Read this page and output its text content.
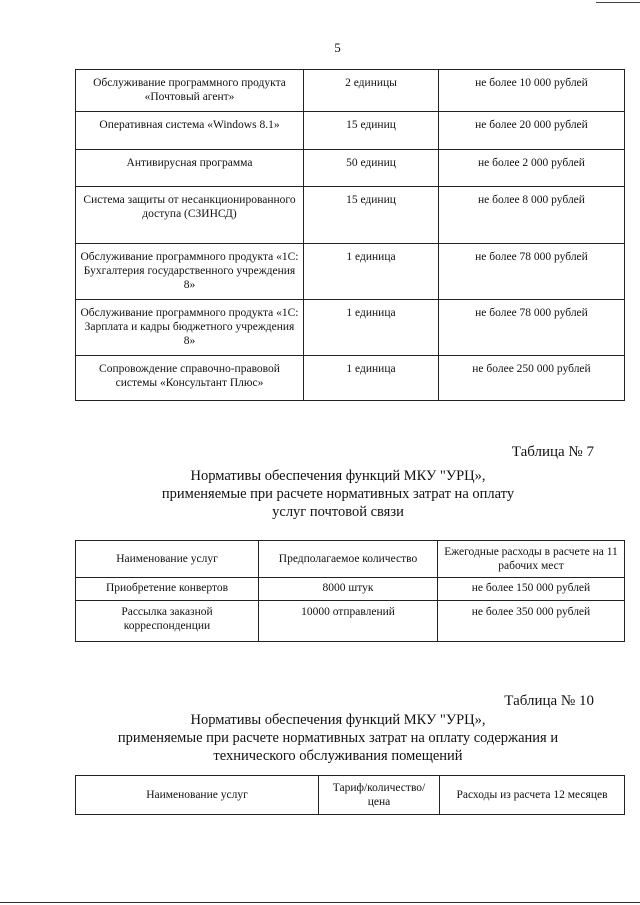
5
Обслуживание программного продукта «Почтовый агент»	2 единицы	не более 10 000 рублей
Оперативная система «Windows 8.1»	15 единиц	не более 20 000 рублей
Антивирусная программа	50 единиц	не более 2 000 рублей
Система защиты от несанкционированного доступа (СЗИНСД)	15 единиц	не более 8 000 рублей
Обслуживание программного продукта «1С: Бухгалтерия государственного учреждения 8»	1 единица	не более 78 000 рублей
Обслуживание программного продукта «1С: Зарплата и кадры бюджетного учреждения 8»	1 единица	не более 78 000 рублей
Сопровождение справочно-правовой системы «Консультант Плюс»	1 единица	не более 250 000 рублей
Таблица № 7
Нормативы обеспечения функций МКУ "УРЦ»,
применяемые при расчете нормативных затрат на оплату
услуг почтовой связи
Наименование услуг	Предполагаемое количество	Ежегодные расходы в расчете на 11 рабочих мест
Приобретение конвертов	8000 штук	не более 150 000 рублей
Рассылка заказной корреспонденции	10000 отправлений	не более 350 000 рублей
Таблица № 10
Нормативы обеспечения функций МКУ "УРЦ»,
применяемые при расчете нормативных затрат на оплату содержания и
технического обслуживания помещений
Наименование услуг	Тариф/количество/ цена	Расходы из расчета 12 месяцев
